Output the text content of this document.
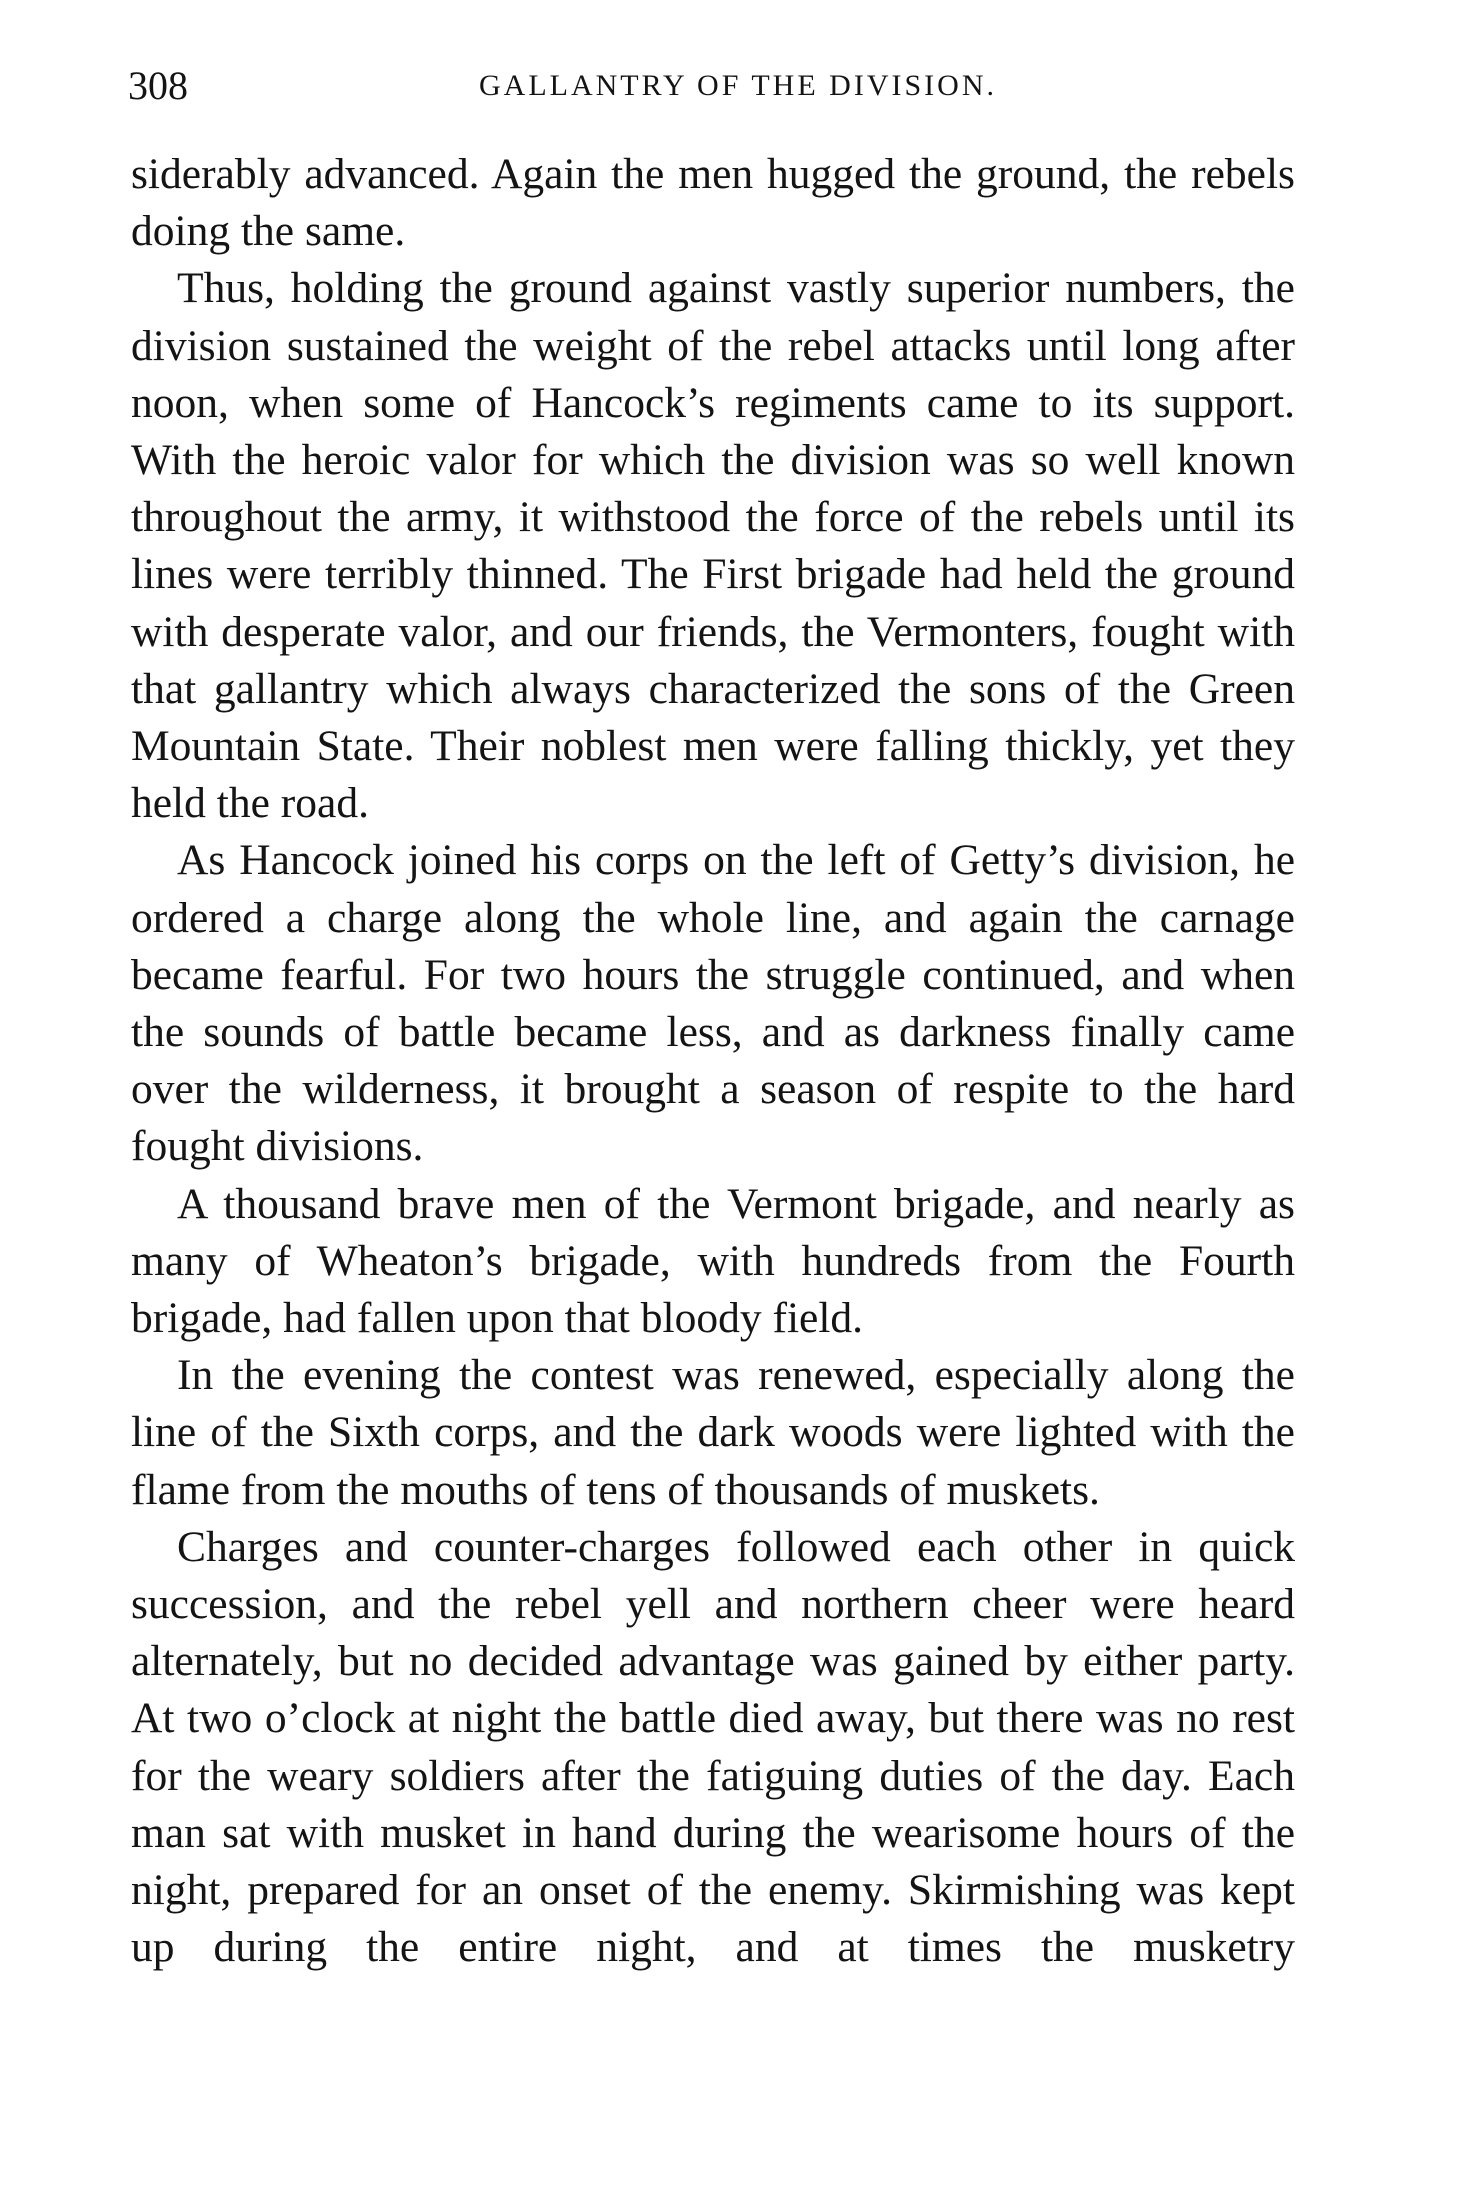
308	GALLANTRY OF THE DIVISION.

siderably advanced. Again the men hugged the ground, the rebels doing the same.

Thus, holding the ground against vastly superior numbers, the division sustained the weight of the rebel attacks until long after noon, when some of Hancock’s regiments came to its support. With the heroic valor for which the division was so well known throughout the army, it withstood the force of the rebels until its lines were terribly thinned. The First brigade had held the ground with desperate valor, and our friends, the Vermonters, fought with that gallantry which always characterized the sons of the Green Mountain State. Their noblest men were falling thickly, yet they held the road.

As Hancock joined his corps on the left of Getty’s division, he ordered a charge along the whole line, and again the carnage became fearful. For two hours the struggle continued, and when the sounds of battle became less, and as darkness finally came over the wilderness, it brought a season of respite to the hard fought divisions.

A thousand brave men of the Vermont brigade, and nearly as many of Wheaton’s brigade, with hundreds from the Fourth brigade, had fallen upon that bloody field.

In the evening the contest was renewed, especially along the line of the Sixth corps, and the dark woods were lighted with the flame from the mouths of tens of thousands of muskets.

Charges and counter-charges followed each other in quick succession, and the rebel yell and northern cheer were heard alternately, but no decided advantage was gained by either party. At two o’clock at night the battle died away, but there was no rest for the weary soldiers after the fatiguing duties of the day. Each man sat with musket in hand during the wearisome hours of the night, prepared for an onset of the enemy. Skirmishing was kept up during the entire night, and at times the musketry
